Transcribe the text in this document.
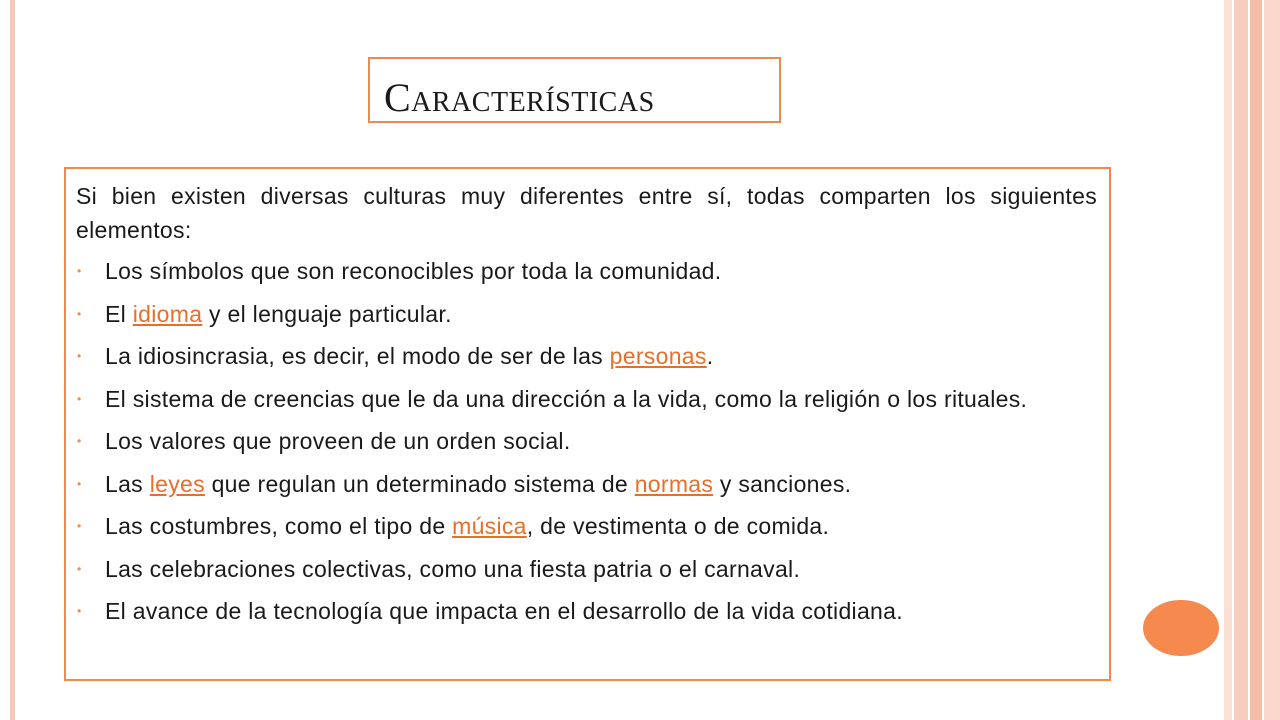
Características

Si bien existen diversas culturas muy diferentes entre sí, todas comparten los siguientes elementos:

• Los símbolos que son reconocibles por toda la comunidad.
• El idioma y el lenguaje particular.
• La idiosincrasia, es decir, el modo de ser de las personas.
• El sistema de creencias que le da una dirección a la vida, como la religión o los rituales.
• Los valores que proveen de un orden social.
• Las leyes que regulan un determinado sistema de normas y sanciones.
• Las costumbres, como el tipo de música, de vestimenta o de comida.
• Las celebraciones colectivas, como una fiesta patria o el carnaval.
• El avance de la tecnología que impacta en el desarrollo de la vida cotidiana.
